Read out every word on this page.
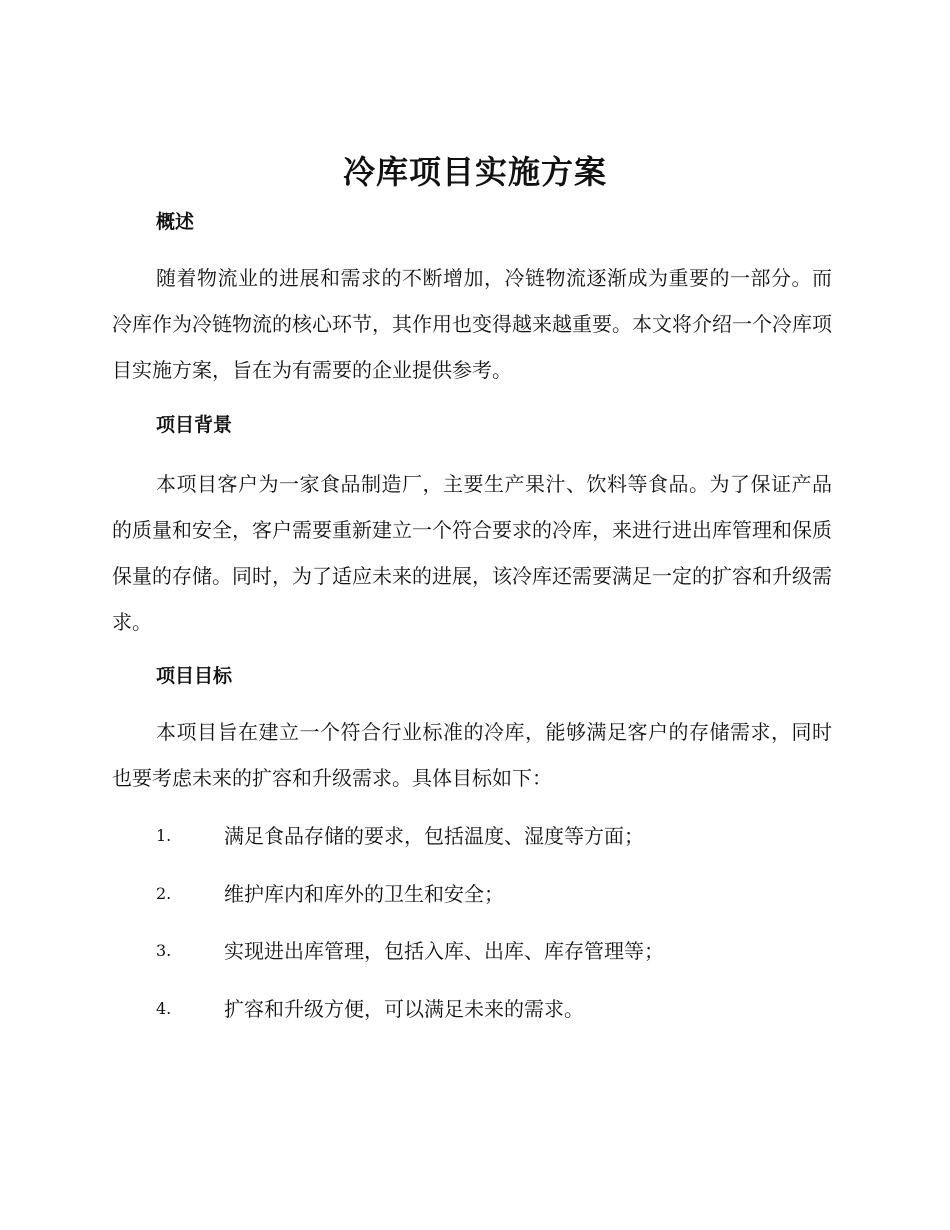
冷库项目实施方案
概述

随着物流业的进展和需求的不断增加，冷链物流逐渐成为重要的一部分。而冷库作为冷链物流的核心环节，其作用也变得越来越重要。本文将介绍一个冷库项目实施方案，旨在为有需要的企业提供参考。

项目背景

本项目客户为一家食品制造厂，主要生产果汁、饮料等食品。为了保证产品的质量和安全，客户需要重新建立一个符合要求的冷库，来进行进出库管理和保质保量的存储。同时，为了适应未来的进展，该冷库还需要满足一定的扩容和升级需求。

项目目标

本项目旨在建立一个符合行业标准的冷库，能够满足客户的存储需求，同时也要考虑未来的扩容和升级需求。具体目标如下：

1.	满足食品存储的要求，包括温度、湿度等方面；
2.	维护库内和库外的卫生和安全；
3.	实现进出库管理，包括入库、出库、库存管理等；
4.	扩容和升级方便，可以满足未来的需求。
